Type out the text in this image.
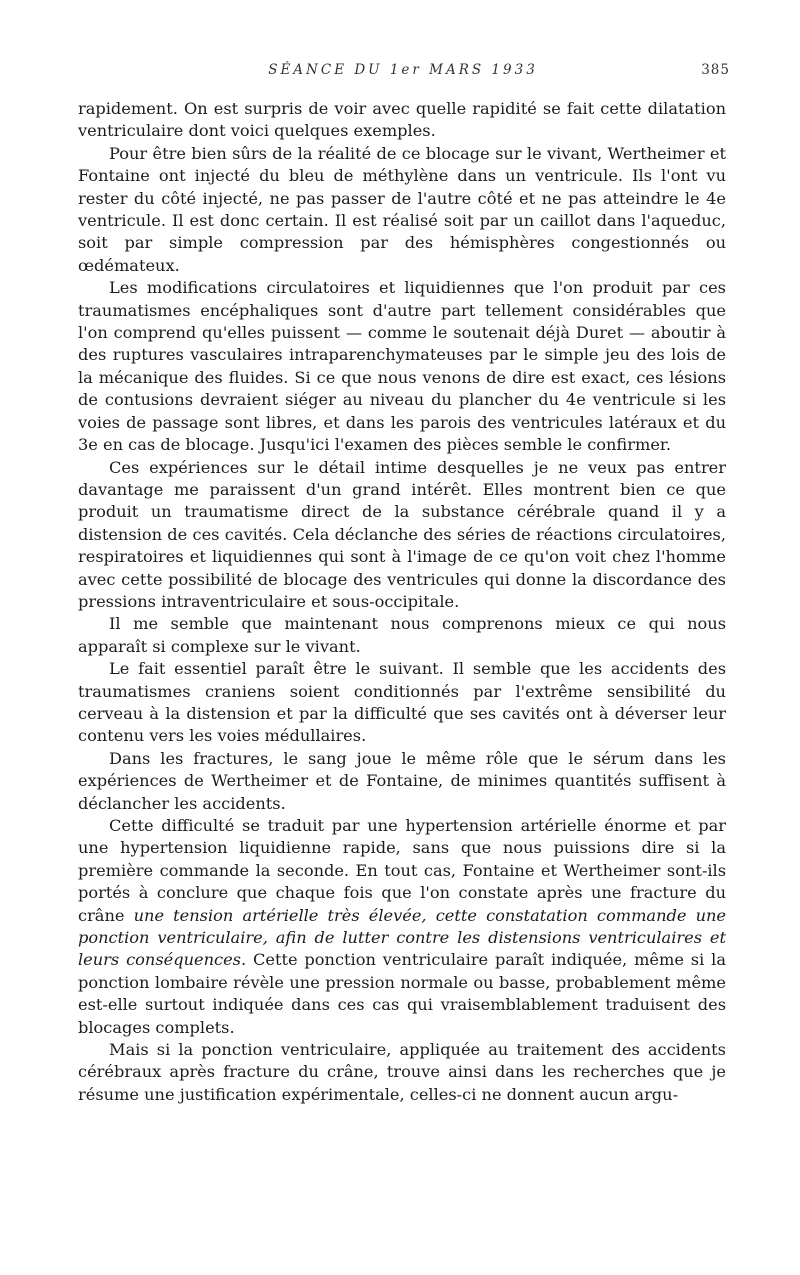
SÉANCE DU 1er MARS 1933	385

rapidement. On est surpris de voir avec quelle rapidité se fait cette dilatation ventriculaire dont voici quelques exemples.

Pour être bien sûrs de la réalité de ce blocage sur le vivant, Wertheimer et Fontaine ont injecté du bleu de méthylène dans un ventricule. Ils l'ont vu rester du côté injecté, ne pas passer de l'autre côté et ne pas atteindre le 4e ventricule. Il est donc certain. Il est réalisé soit par un caillot dans l'aqueduc, soit par simple compression par des hémisphères congestionnés ou œdémateux.

Les modifications circulatoires et liquidiennes que l'on produit par ces traumatismes encéphaliques sont d'autre part tellement considérables que l'on comprend qu'elles puissent — comme le soutenait déjà Duret — aboutir à des ruptures vasculaires intraparenchymateuses par le simple jeu des lois de la mécanique des fluides. Si ce que nous venons de dire est exact, ces lésions de contusions devraient siéger au niveau du plancher du 4e ventricule si les voies de passage sont libres, et dans les parois des ventricules latéraux et du 3e en cas de blocage. Jusqu'ici l'examen des pièces semble le confirmer.

Ces expériences sur le détail intime desquelles je ne veux pas entrer davantage me paraissent d'un grand intérêt. Elles montrent bien ce que produit un traumatisme direct de la substance cérébrale quand il y a distension de ces cavités. Cela déclanche des séries de réactions circulatoires, respiratoires et liquidiennes qui sont à l'image de ce qu'on voit chez l'homme avec cette possibilité de blocage des ventricules qui donne la discordance des pressions intraventriculaire et sous-occipitale.

Il me semble que maintenant nous comprenons mieux ce qui nous apparaît si complexe sur le vivant.

Le fait essentiel paraît être le suivant. Il semble que les accidents des traumatismes craniens soient conditionnés par l'extrême sensibilité du cerveau à la distension et par la difficulté que ses cavités ont à déverser leur contenu vers les voies médullaires.

Dans les fractures, le sang joue le même rôle que le sérum dans les expériences de Wertheimer et de Fontaine, de minimes quantités suffisent à déclancher les accidents.

Cette difficulté se traduit par une hypertension artérielle énorme et par une hypertension liquidienne rapide, sans que nous puissions dire si la première commande la seconde. En tout cas, Fontaine et Wertheimer sont-ils portés à conclure que chaque fois que l'on constate après une fracture du crâne une tension artérielle très élevée, cette constatation commande une ponction ventriculaire, afin de lutter contre les distensions ventriculaires et leurs conséquences. Cette ponction ventriculaire paraît indiquée, même si la ponction lombaire révèle une pression normale ou basse, probablement même est-elle surtout indiquée dans ces cas qui vraisemblablement traduisent des blocages complets.

Mais si la ponction ventriculaire, appliquée au traitement des accidents cérébraux après fracture du crâne, trouve ainsi dans les recherches que je résume une justification expérimentale, celles-ci ne donnent aucun argu-
